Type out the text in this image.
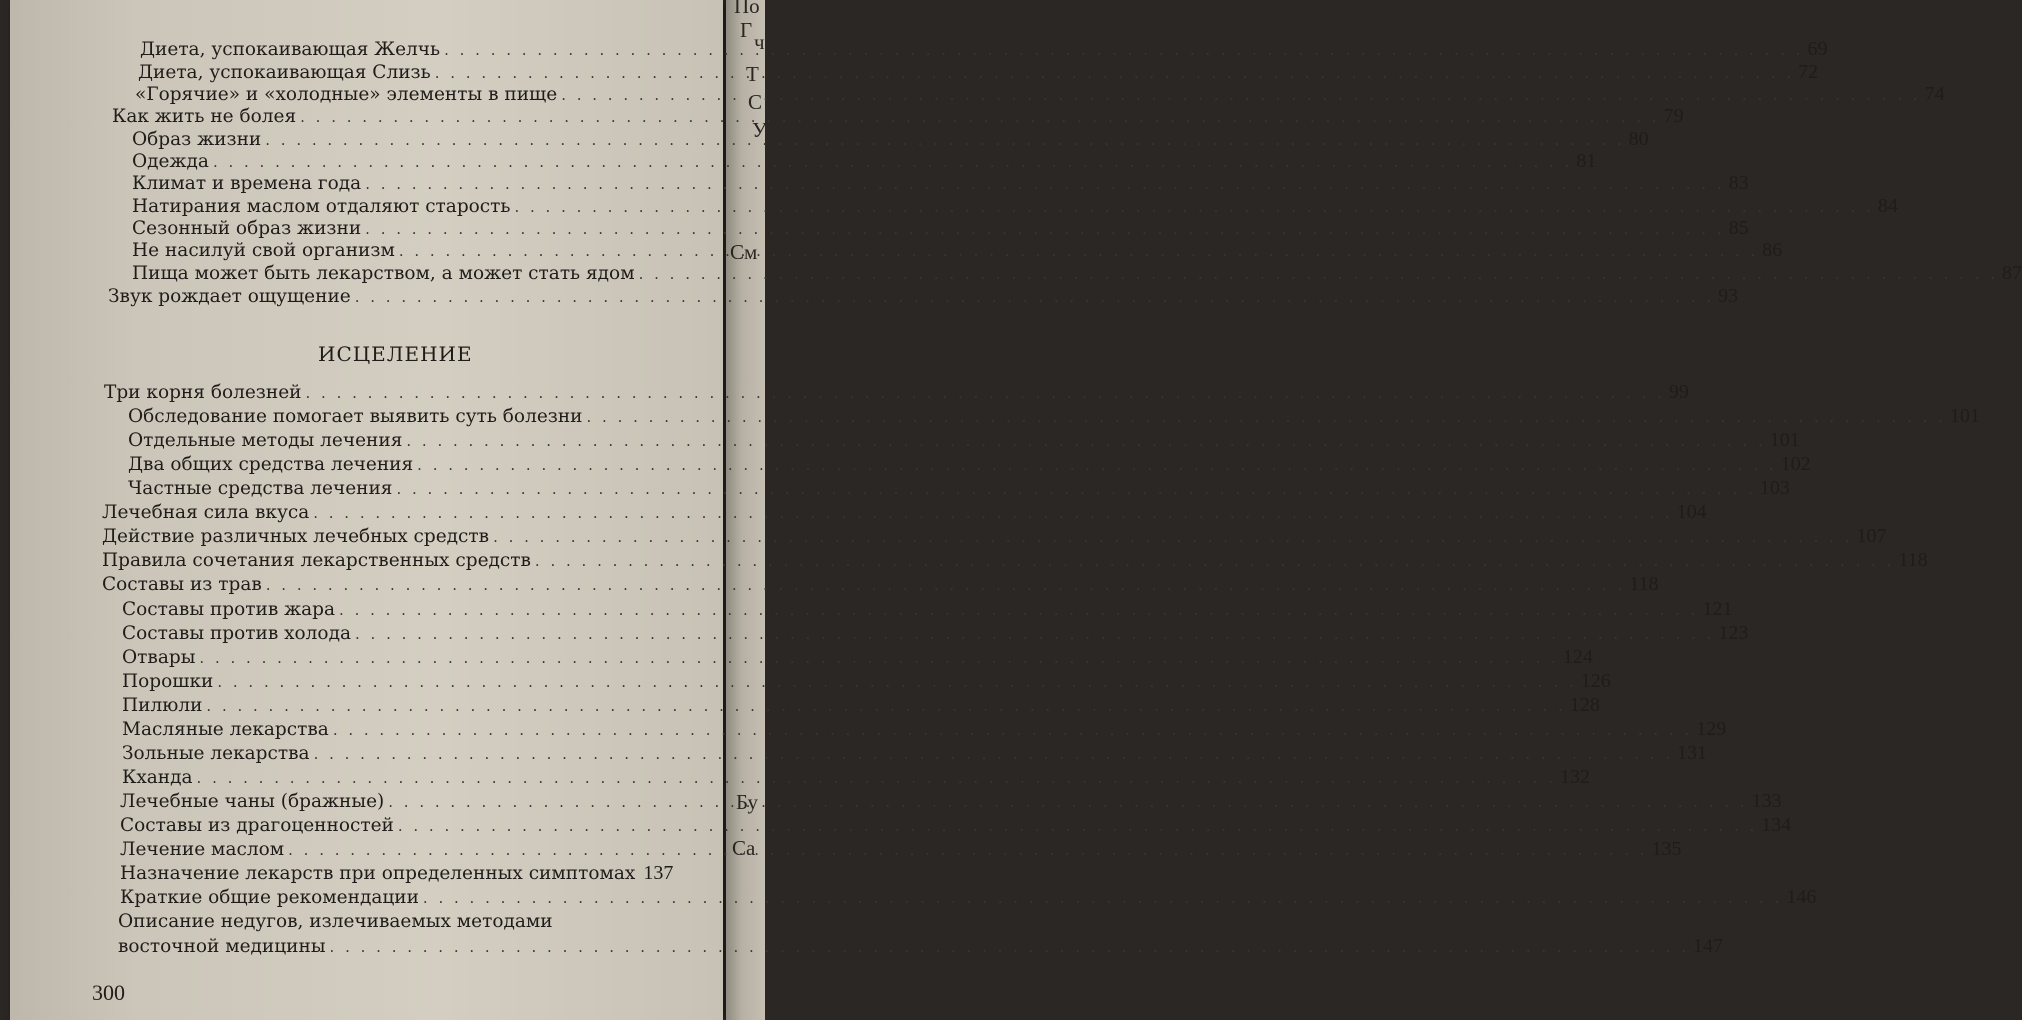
По
Г ч
Т
С
У
См
Бу
Са
Диета, успокаивающая Желчь . . .	69
Диета, успокаивающая Слизь . . .	72
«Горячие» и «холодные» элементы в пище . . .	74
Как жить не болея . . .	79
Образ жизни . . .	80
Одежда . . .	81
Климат и времена года . . .	83
Натирания маслом отдаляют старость . . .	84
Сезонный образ жизни . . .	85
Не насилуй свой организм . . .	86
Пища может быть лекарством, а может стать ядом . . .	87
Звук рождает ощущение . . .	93
ИСЦЕЛЕНИЕ
Три корня болезней . . .	99
Обследование помогает выявить суть болезни . . .	101
Отдельные методы лечения . . .	101
Два общих средства лечения . . .	102
Частные средства лечения . . .	103
Лечебная сила вкуса . . .	104
Действие различных лечебных средств . . .	107
Правила сочетания лекарственных средств . . .	118
Составы из трав . . .	118
Составы против жара . . .	121
Составы против холода . . .	123
Отвары . . .	124
Порошки . . .	126
Пилюли . . .	128
Масляные лекарства . . .	129
Зольные лекарства . . .	131
Кханда . . .	132
Лечебные чаны (бражные) . . .	133
Составы из драгоценностей . . .	134
Лечение маслом . . .	135
Назначение лекарств при определенных симптомах 137
Краткие общие рекомендации . . .	146
Описание недугов, излечиваемых методами
восточной медицины . . .	147
300
